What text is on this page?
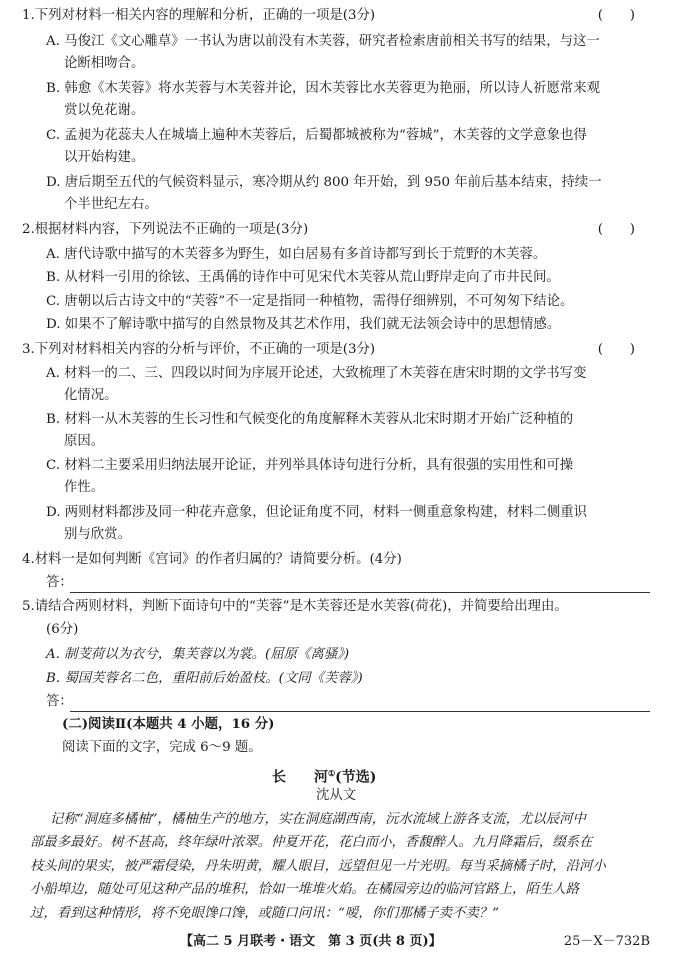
1.下列对材料一相关内容的理解和分析，正确的一项是(3分)	(　　)
A. 马俊江《文心雕草》一书认为唐以前没有木芙蓉，研究者检索唐前相关书写的结果，与这一
论断相吻合。
B. 韩愈《木芙蓉》将水芙蓉与木芙蓉并论，因木芙蓉比水芙蓉更为艳丽，所以诗人祈愿常来观
赏以免花谢。
C. 孟昶为花蕊夫人在城墙上遍种木芙蓉后，后蜀都城被称为“蓉城”，木芙蓉的文学意象也得
以开始构建。
D. 唐后期至五代的气候资料显示，寒冷期从约 800 年开始，到 950 年前后基本结束，持续一
个半世纪左右。
2.根据材料内容，下列说法不正确的一项是(3分)	(　　)
A. 唐代诗歌中描写的木芙蓉多为野生，如白居易有多首诗都写到长于荒野的木芙蓉。
B. 从材料一引用的徐铉、王禹偁的诗作中可见宋代木芙蓉从荒山野岸走向了市井民间。
C. 唐朝以后古诗文中的“芙蓉”不一定是指同一种植物，需得仔细辨别，不可匆匆下结论。
D. 如果不了解诗歌中描写的自然景物及其艺术作用，我们就无法领会诗中的思想情感。
3.下列对材料相关内容的分析与评价，不正确的一项是(3分)	(　　)
A. 材料一的二、三、四段以时间为序展开论述，大致梳理了木芙蓉在唐宋时期的文学书写变
化情况。
B. 材料一从木芙蓉的生长习性和气候变化的角度解释木芙蓉从北宋时期才开始广泛种植的
原因。
C. 材料二主要采用归纳法展开论证，并列举具体诗句进行分析，具有很强的实用性和可操
作性。
D. 两则材料都涉及同一种花卉意象，但论证角度不同，材料一侧重意象构建，材料二侧重识
别与欣赏。
4.材料一是如何判断《宫词》的作者归属的？请简要分析。(4分)
答：
5.请结合两则材料，判断下面诗句中的“芙蓉”是木芙蓉还是水芙蓉(荷花)，并简要给出理由。
(6分)
A. 制芰荷以为衣兮，集芙蓉以为裳。(屈原《离骚》)
B. 蜀国芙蓉名二色，重阳前后始盈枝。(文同《芙蓉》)
答：
(二)阅读Ⅱ(本题共 4 小题，16 分)
阅读下面的文字，完成 6～9 题。
长　　河①(节选)
沈从文
记称“洞庭多橘柚”，橘柚生产的地方，实在洞庭湖西南，沅水流域上游各支流，尤以辰河中
部最多最好。树不甚高，终年绿叶浓翠。仲夏开花，花白而小，香馥醉人。九月降霜后，缀系在
枝头间的果实，被严霜侵染，丹朱明黄，耀人眼目，远望但见一片光明。每当采摘橘子时，沿河小
小船埠边，随处可见这种产品的堆积，恰如一堆堆火焰。在橘园旁边的临河官路上，陌生人路
过，看到这种情形，将不免眼馋口馋，或随口问讯：“嗳，你们那橘子卖不卖？”
【高二 5 月联考・语文　第 3 页(共 8 页)】	25－X－732B
